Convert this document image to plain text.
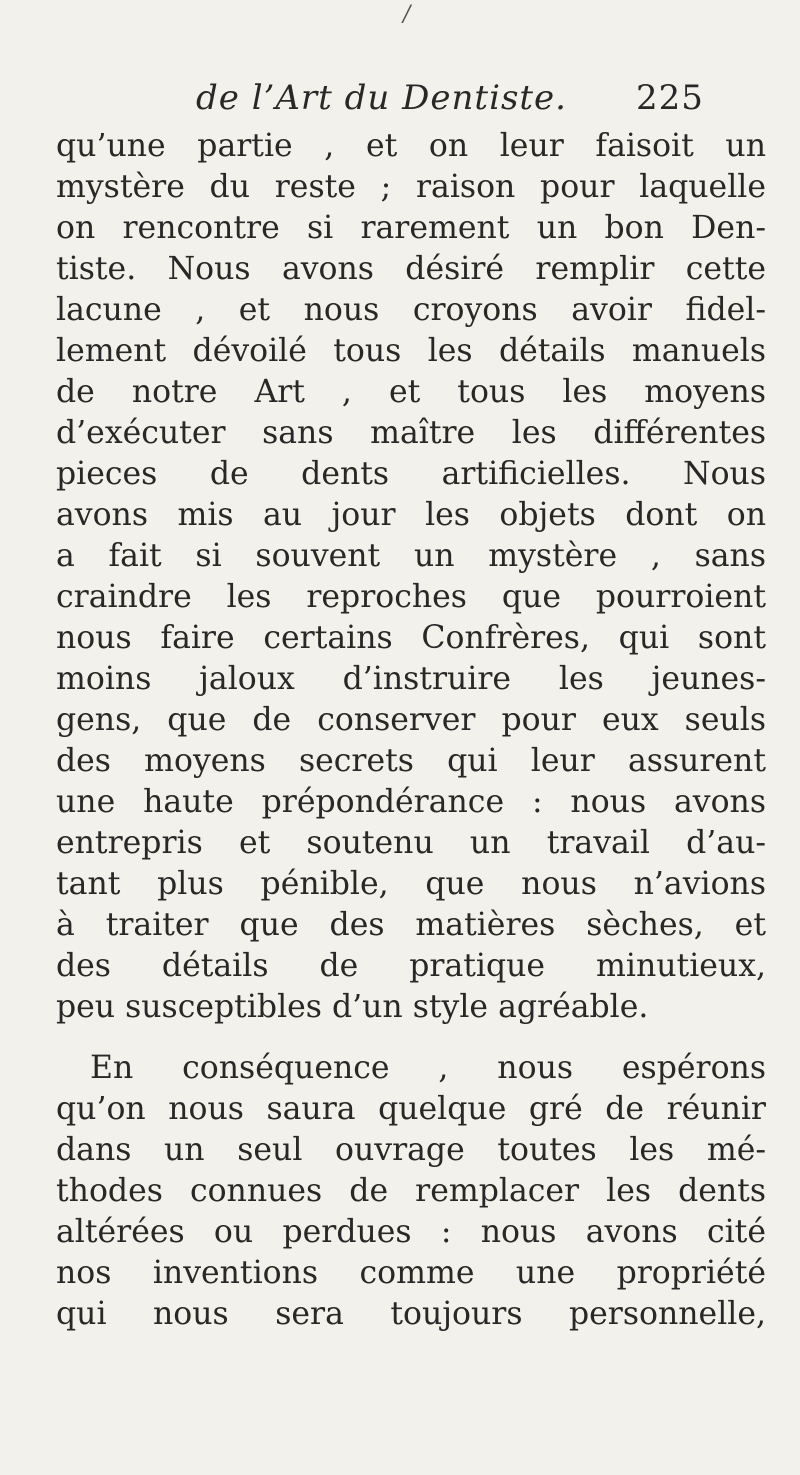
/
de l’Art du Dentiste. 225
qu’une partie , et on leur faisoit un
mystère du reste ; raison pour laquelle
on rencontre si rarement un bon Den-
tiste. Nous avons désiré remplir cette
lacune , et nous croyons avoir fidel-
lement dévoilé tous les détails manuels
de notre Art , et tous les moyens
d’exécuter sans maître les différentes
pieces de dents artificielles. Nous
avons mis au jour les objets dont on
a fait si souvent un mystère , sans
craindre les reproches que pourroient
nous faire certains Confrères, qui sont
moins jaloux d’instruire les jeunes-
gens, que de conserver pour eux seuls
des moyens secrets qui leur assurent
une haute prépondérance : nous avons
entrepris et soutenu un travail d’au-
tant plus pénible, que nous n’avions
à traiter que des matières sèches, et
des détails de pratique minutieux,
peu susceptibles d’un style agréable.
En conséquence , nous espérons
qu’on nous saura quelque gré de réunir
dans un seul ouvrage toutes les mé-
thodes connues de remplacer les dents
altérées ou perdues : nous avons cité
nos inventions comme une propriété
qui nous sera toujours personnelle,
